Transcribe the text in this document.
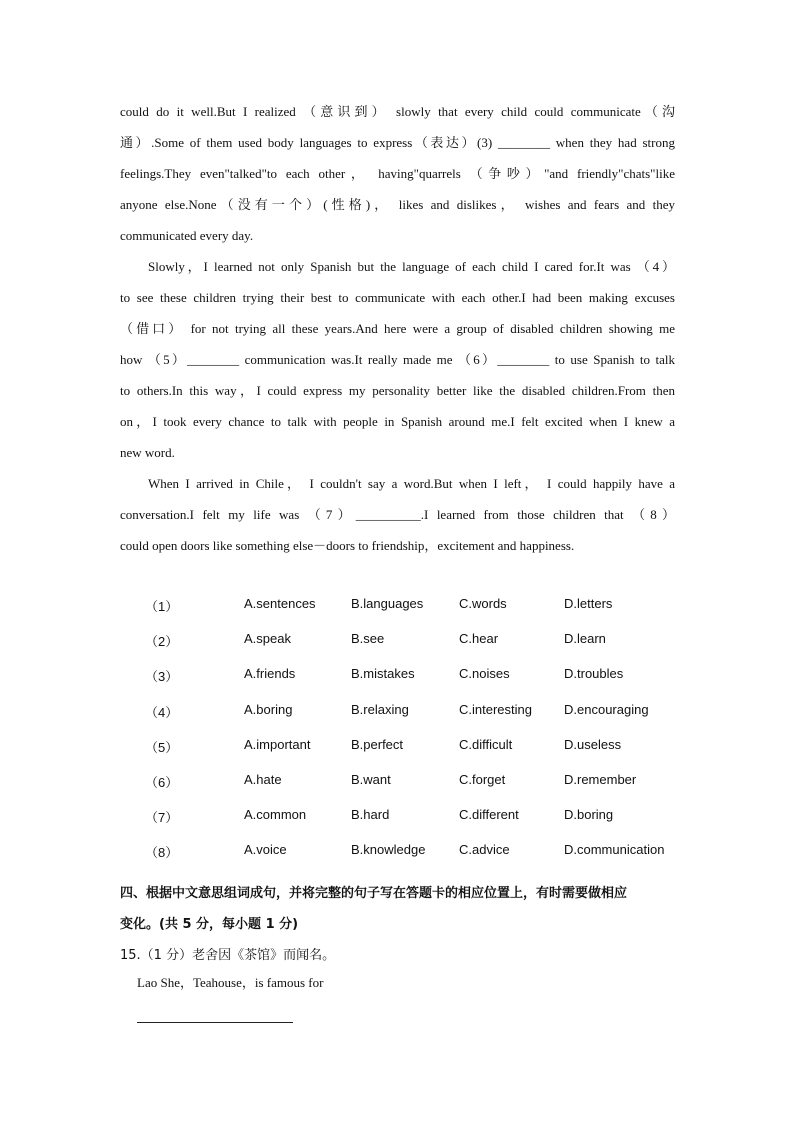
could do it well.But I realized （意识到） slowly that every child could communicate（沟
通）.Some of them used body languages to express（表达）(3) ________ when they had strong
feelings.They even"talked"to each other， having"quarrels （争吵）"and friendly"chats"like
anyone else.None（没有一个）(性格)， likes and dislikes， wishes and fears and they
communicated every day.
Slowly，I learned not only Spanish but the language of each child I cared for.It was （4）
to see these children trying their best to communicate with each other.I had been making excuses
（借口） for not trying all these years.And here were a group of disabled children showing me
how （5）________ communication was.It really made me （6）________ to use Spanish to talk
to others.In this way，I could express my personality better like the disabled children.From then
on，I took every chance to talk with people in Spanish around me.I felt excited when I knew a
new word.
When I arrived in Chile， I couldn't say a word.But when I left， I could happily have a
conversation.I felt my life was （7）__________.I learned from those children that （8）
could open doors like something else－doors to friendship，excitement and happiness.
（1）	A.sentences	B.languages	C.words	D.letters
（2）	A.speak	B.see	C.hear	D.learn
（3）	A.friends	B.mistakes	C.noises	D.troubles
（4）	A.boring	B.relaxing	C.interesting D.encouraging
（5）	A.important	B.perfect	C.difficult	D.useless
（6）	A.hate	B.want	C.forget	D.remember
（7）	A.common	B.hard	C.different	D.boring
（8）	A.voice	B.knowledge	C.advice	D.communication
四、根据中文意思组词成句，并将完整的句子写在答题卡的相应位置上，有时需要做相应
变化。(共 5 分，每小题 1 分)
15.（1 分）老舍因《茶馆》而闻名。
Lao She，Teahouse，is famous for
